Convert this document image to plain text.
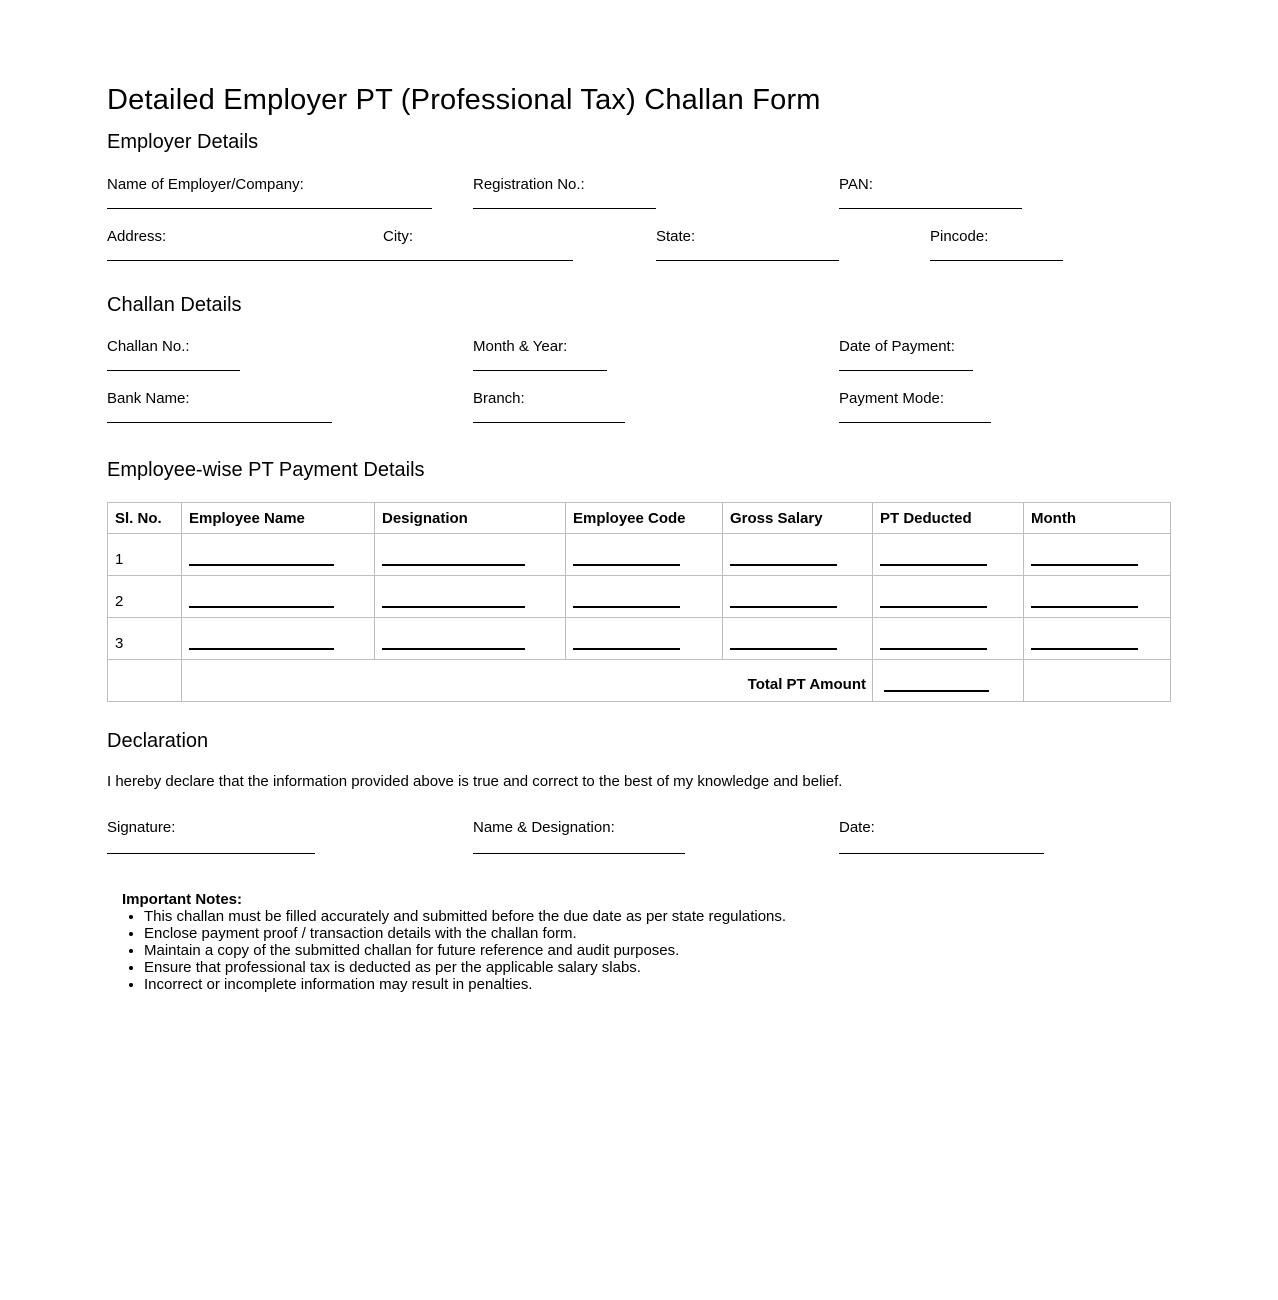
Detailed Employer PT (Professional Tax) Challan Form
Employer Details
Name of Employer/Company:	Registration No.:	PAN:
Address:	City:	State:	Pincode:
Challan Details
Challan No.:	Month & Year:	Date of Payment:
Bank Name:	Branch:	Payment Mode:
Employee-wise PT Payment Details
Sl. No.	Employee Name	Designation	Employee Code	Gross Salary	PT Deducted	Month
1	

2	

3	

	Total PT Amount				

Declaration

I hereby declare that the information provided above is true and correct to the best of my knowledge and belief.

Signature:	Name & Designation:	Date:
Important Notes:
• This challan must be filled accurately and submitted before the due date as per state regulations.
• Enclose payment proof / transaction details with the challan form.
• Maintain a copy of the submitted challan for future reference and audit purposes.
• Ensure that professional tax is deducted as per the applicable salary slabs.
• Incorrect or incomplete information may result in penalties.
